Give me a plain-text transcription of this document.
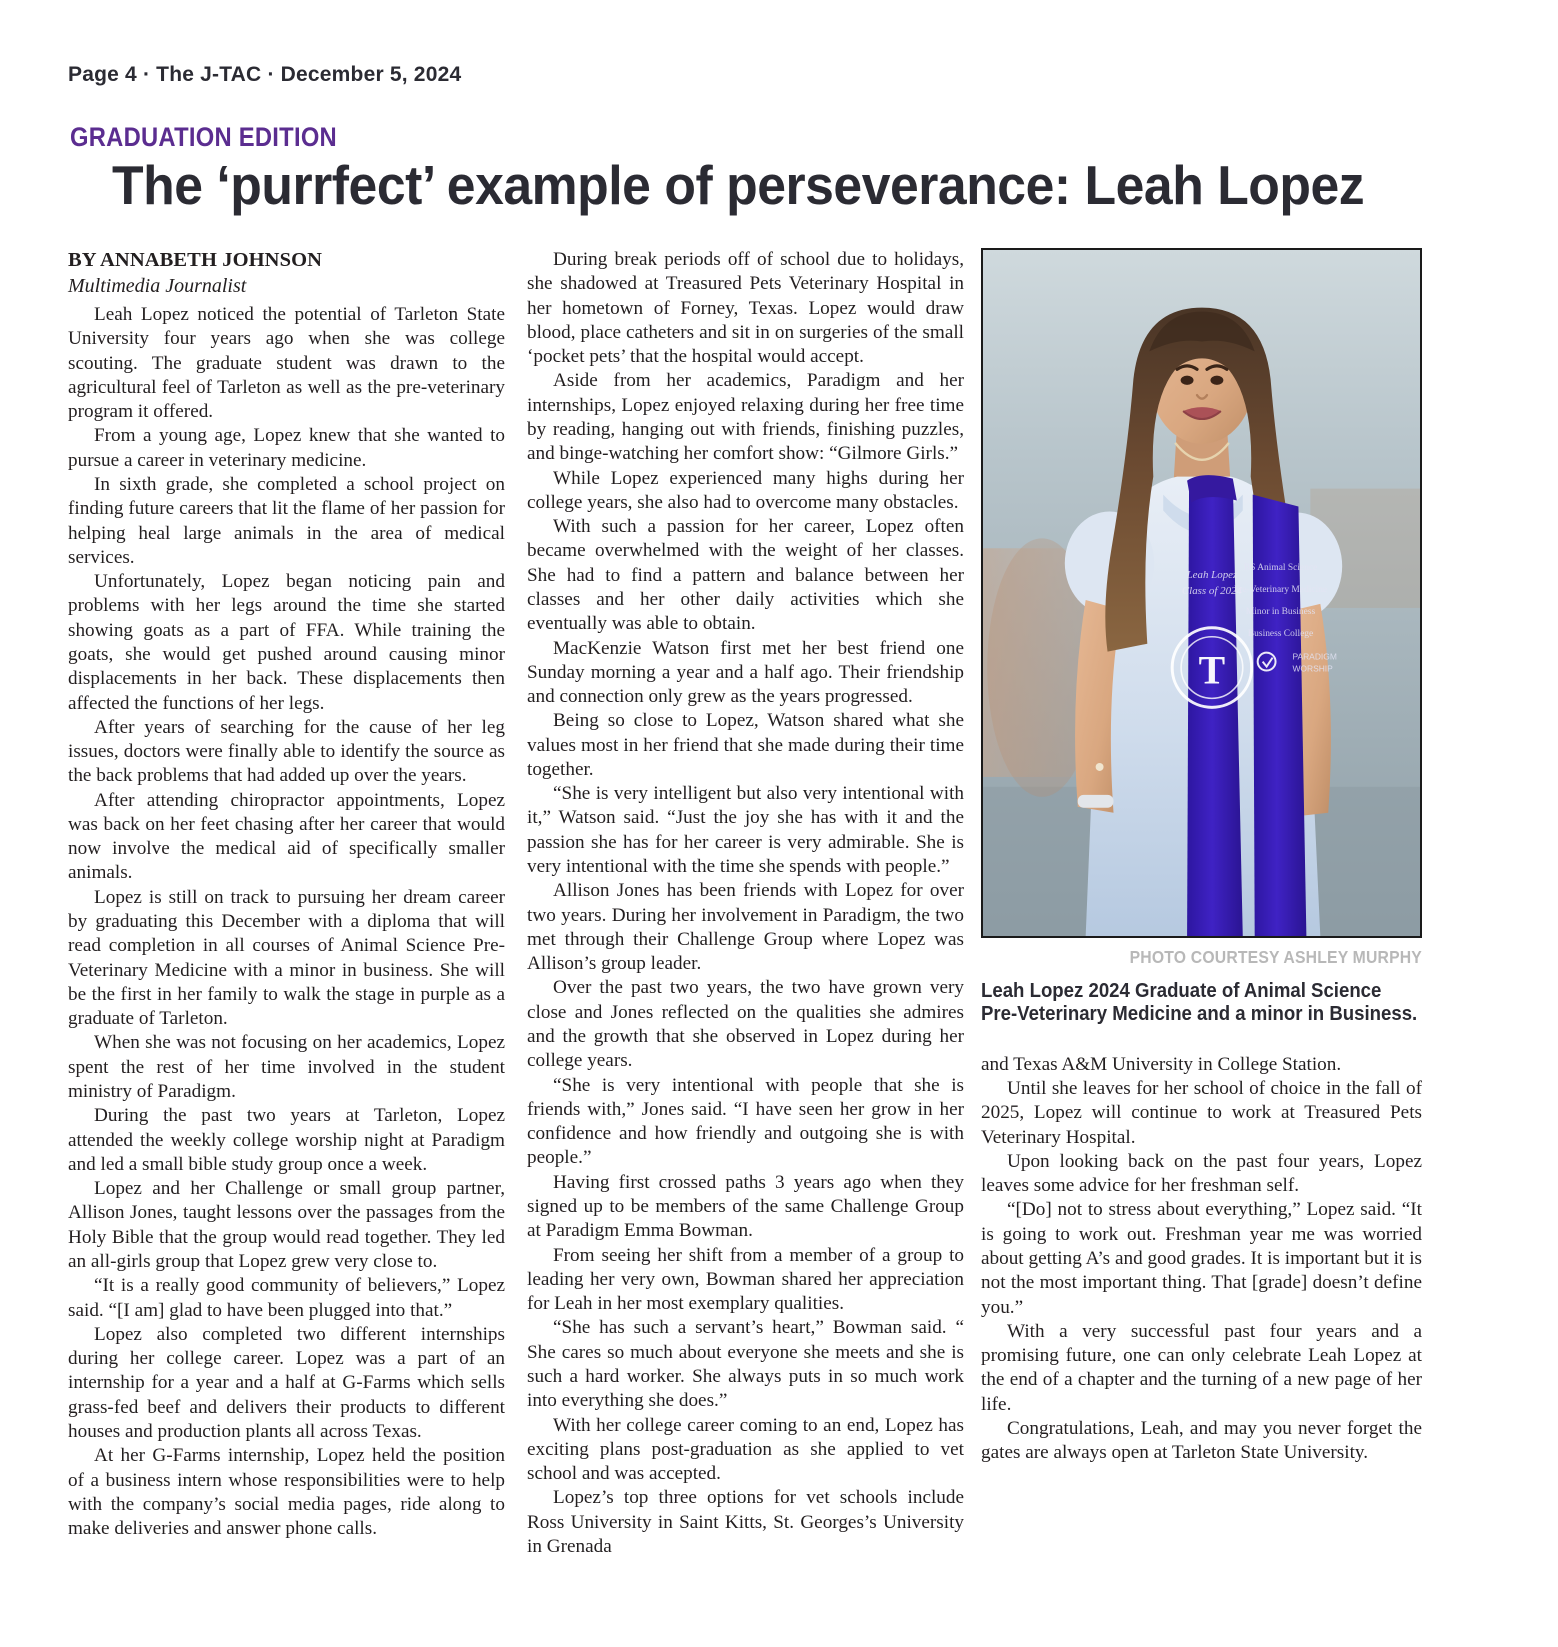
Page 4 · The J-TAC · December 5, 2024
GRADUATION EDITION
The ‘purrfect’ example of perseverance: Leah Lopez
BY ANNABETH JOHNSON
Multimedia Journalist

Leah Lopez noticed the potential of Tarleton State University four years ago when she was college scouting. The graduate student was drawn to the agricultural feel of Tarleton as well as the pre-veterinary program it offered.

From a young age, Lopez knew that she wanted to pursue a career in veterinary medicine.

In sixth grade, she completed a school project on finding future careers that lit the flame of her passion for helping heal large animals in the area of medical services.

Unfortunately, Lopez began noticing pain and problems with her legs around the time she started showing goats as a part of FFA. While training the goats, she would get pushed around causing minor displacements in her back. These displacements then affected the functions of her legs.

After years of searching for the cause of her leg issues, doctors were finally able to identify the source as the back problems that had added up over the years.

After attending chiropractor appointments, Lopez was back on her feet chasing after her career that would now involve the medical aid of specifically smaller animals.

Lopez is still on track to pursuing her dream career by graduating this December with a diploma that will read completion in all courses of Animal Science Pre-Veterinary Medicine with a minor in business. She will be the first in her family to walk the stage in purple as a graduate of Tarleton.

When she was not focusing on her academics, Lopez spent the rest of her time involved in the student ministry of Paradigm.

During the past two years at Tarleton, Lopez attended the weekly college worship night at Paradigm and led a small bible study group once a week.

Lopez and her Challenge or small group partner, Allison Jones, taught lessons over the passages from the Holy Bible that the group would read together. They led an all-girls group that Lopez grew very close to.

“It is a really good community of believers,” Lopez said. “[I am] glad to have been plugged into that.”

Lopez also completed two different internships during her college career. Lopez was a part of an internship for a year and a half at G-Farms which sells grass-fed beef and delivers their products to different houses and production plants all across Texas.

At her G-Farms internship, Lopez held the position of a business intern whose responsibilities were to help with the company’s social media pages, ride along to make deliveries and answer phone calls.

During break periods off of school due to holidays, she shadowed at Treasured Pets Veterinary Hospital in her hometown of Forney, Texas. Lopez would draw blood, place catheters and sit in on surgeries of the small ‘pocket pets’ that the hospital would accept.

Aside from her academics, Paradigm and her internships, Lopez enjoyed relaxing during her free time by reading, hanging out with friends, finishing puzzles, and binge-watching her comfort show: “Gilmore Girls.”

While Lopez experienced many highs during her college years, she also had to overcome many obstacles.

With such a passion for her career, Lopez often became overwhelmed with the weight of her classes. She had to find a pattern and balance between her classes and her other daily activities which she eventually was able to obtain.

MacKenzie Watson first met her best friend one Sunday morning a year and a half ago. Their friendship and connection only grew as the years progressed.

Being so close to Lopez, Watson shared what she values most in her friend that she made during their time together.

“She is very intelligent but also very intentional with it,” Watson said. “Just the joy she has with it and the passion she has for her career is very admirable. She is very intentional with the time she spends with people.”

Allison Jones has been friends with Lopez for over two years. During her involvement in Paradigm, the two met through their Challenge Group where Lopez was Allison’s group leader.

Over the past two years, the two have grown very close and Jones reflected on the qualities she admires and the growth that she observed in Lopez during her college years.

“She is very intentional with people that she is friends with,” Jones said. “I have seen her grow in her confidence and how friendly and outgoing she is with people.”

Having first crossed paths 3 years ago when they signed up to be members of the same Challenge Group at Paradigm Emma Bowman.

From seeing her shift from a member of a group to leading her very own, Bowman shared her appreciation for Leah in her most exemplary qualities.

“She has such a servant’s heart,” Bowman said. “ She cares so much about everyone she meets and she is such a hard worker. She always puts in so much work into everything she does.”

With her college career coming to an end, Lopez has exciting plans post-graduation as she applied to vet school and was accepted.

Lopez’s top three options for vet schools include Ross University in Saint Kitts, St. Georges’s University in Grenada

Leah Lopez
Class of 2024
T
BS Animal Science
Pre-Veterinary Medicine
Minor in Business
Business College
PARADIGM
WORSHIP
PHOTO COURTESY ASHLEY MURPHY
Leah Lopez 2024 Graduate of Animal Science Pre-Veterinary Medicine and a minor in Business.

and Texas A&M University in College Station.

Until she leaves for her school of choice in the fall of 2025, Lopez will continue to work at Treasured Pets Veterinary Hospital.

Upon looking back on the past four years, Lopez leaves some advice for her freshman self.

“[Do] not to stress about everything,” Lopez said. “It is going to work out. Freshman year me was worried about getting A’s and good grades. It is important but it is not the most important thing. That [grade] doesn’t define you.”

With a very successful past four years and a promising future, one can only celebrate Leah Lopez at the end of a chapter and the turning of a new page of her life.

Congratulations, Leah, and may you never forget the gates are always open at Tarleton State University.
